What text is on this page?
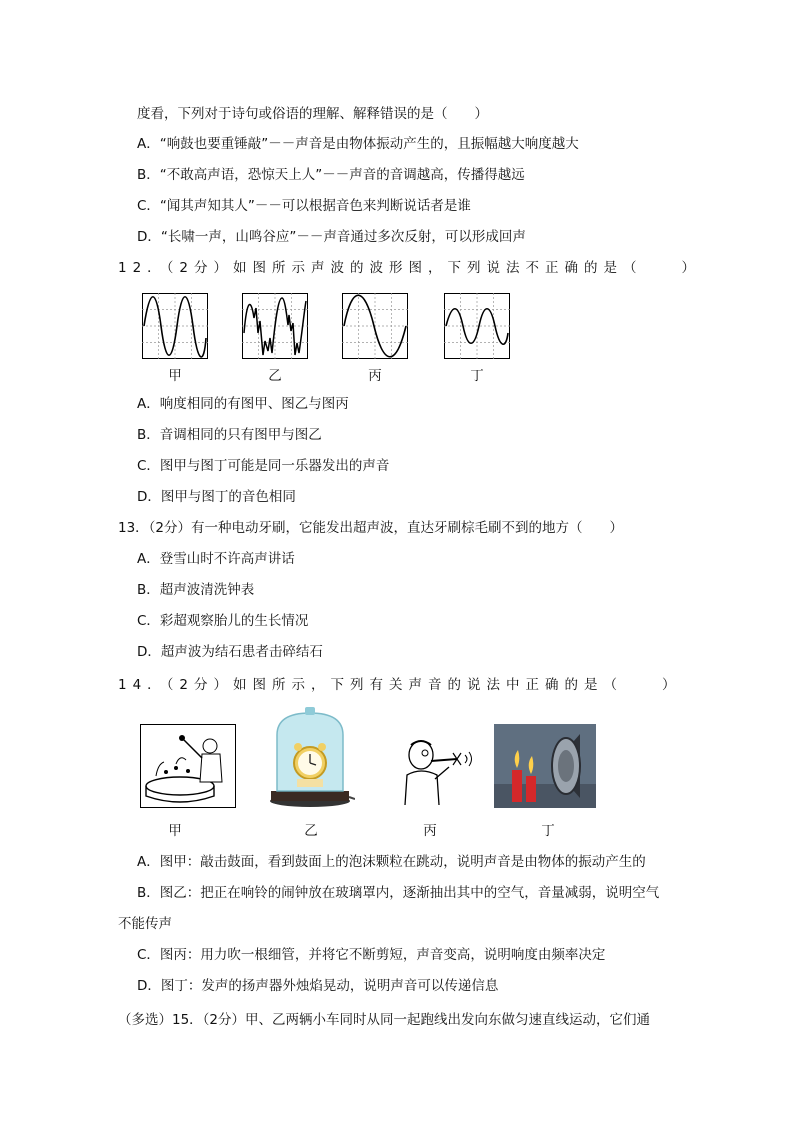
度看，下列对于诗句或俗语的理解、解释错误的是（　　）
A．“响鼓也要重锤敲”－－声音是由物体振动产生的，且振幅越大响度越大
B．“不敢高声语，恐惊天上人”－－声音的音调越高，传播得越远
C．“闻其声知其人”－－可以根据音色来判断说话者是谁
D．“长啸一声，山鸣谷应”－－声音通过多次反射，可以形成回声
12．（2分）如图所示声波的波形图，下列说法不正确的是（　　）
甲	乙	丙	丁
A．响度相同的有图甲、图乙与图丙
B．音调相同的只有图甲与图乙
C．图甲与图丁可能是同一乐器发出的声音
D．图甲与图丁的音色相同
13．（2分）有一种电动牙刷，它能发出超声波，直达牙刷棕毛刷不到的地方（　　）
A．登雪山时不许高声讲话
B．超声波清洗钟表
C．彩超观察胎儿的生长情况
D．超声波为结石患者击碎结石
14．（2分）如图所示，下列有关声音的说法中正确的是（　　）
甲	乙	丙	丁
A．图甲：敲击鼓面，看到鼓面上的泡沫颗粒在跳动，说明声音是由物体的振动产生的
B．图乙：把正在响铃的闹钟放在玻璃罩内，逐渐抽出其中的空气，音量减弱，说明空气
不能传声
C．图丙：用力吹一根细管，并将它不断剪短，声音变高，说明响度由频率决定
D．图丁：发声的扬声器外烛焰晃动，说明声音可以传递信息
（多选）15．（2分）甲、乙两辆小车同时从同一起跑线出发向东做匀速直线运动，它们通
